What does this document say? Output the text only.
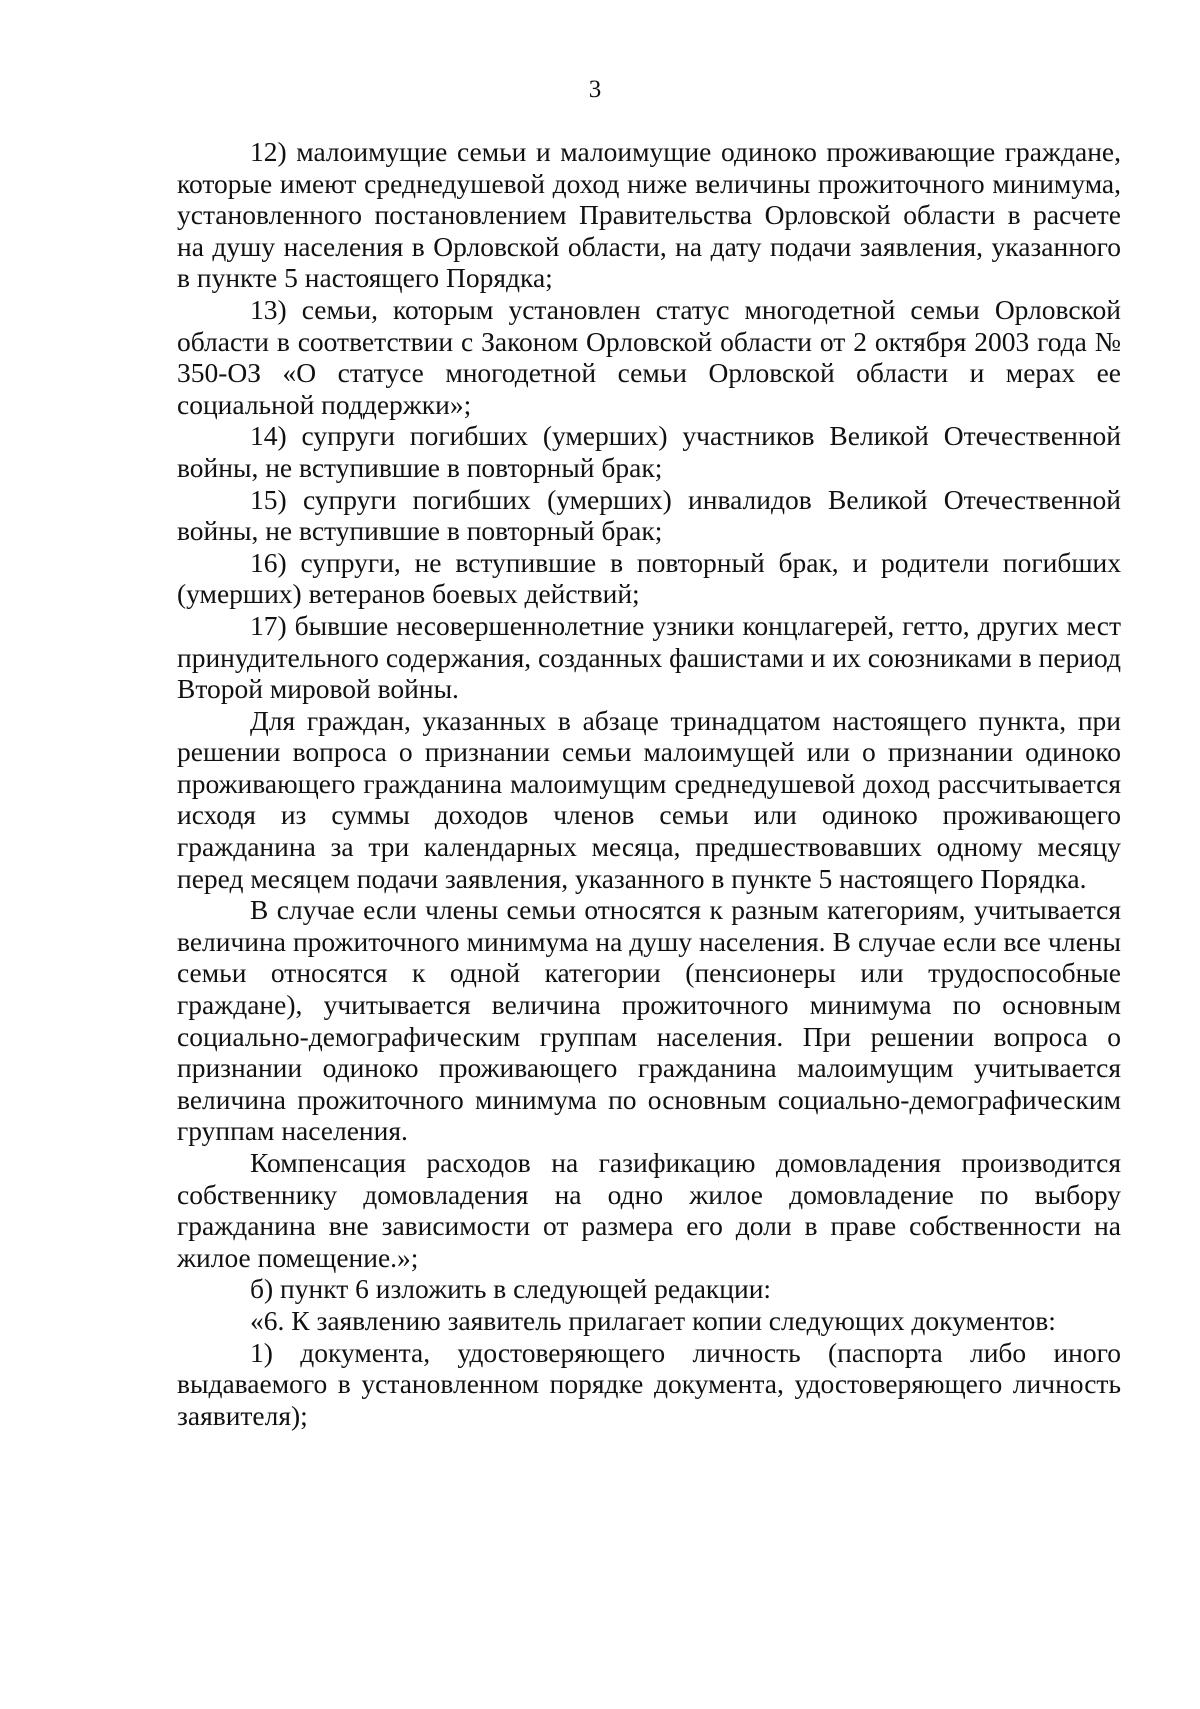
3

12) малоимущие семьи и малоимущие одиноко проживающие граждане, которые имеют среднедушевой доход ниже величины прожиточного минимума, установленного постановлением Правительства Орловской области в расчете на душу населения в Орловской области, на дату подачи заявления, указанного в пункте 5 настоящего Порядка;

13) семьи, которым установлен статус многодетной семьи Орловской области в соответствии с Законом Орловской области от 2 октября 2003 года № 350-ОЗ «О статусе многодетной семьи Орловской области и мерах ее социальной поддержки»;

14) супруги погибших (умерших) участников Великой Отечественной войны, не вступившие в повторный брак;

15) супруги погибших (умерших) инвалидов Великой Отечественной войны, не вступившие в повторный брак;

16) супруги, не вступившие в повторный брак, и родители погибших (умерших) ветеранов боевых действий;

17) бывшие несовершеннолетние узники концлагерей, гетто, других мест принудительного содержания, созданных фашистами и их союзниками в период Второй мировой войны.

Для граждан, указанных в абзаце тринадцатом настоящего пункта, при решении вопроса о признании семьи малоимущей или о признании одиноко проживающего гражданина малоимущим среднедушевой доход рассчитывается исходя из суммы доходов членов семьи или одиноко проживающего гражданина за три календарных месяца, предшествовавших одному месяцу перед месяцем подачи заявления, указанного в пункте 5 настоящего Порядка.

В случае если члены семьи относятся к разным категориям, учитывается величина прожиточного минимума на душу населения. В случае если все члены семьи относятся к одной категории (пенсионеры или трудоспособные граждане), учитывается величина прожиточного минимума по основным социально-демографическим группам населения. При решении вопроса о признании одиноко проживающего гражданина малоимущим учитывается величина прожиточного минимума по основным социально-демографическим группам населения.

Компенсация расходов на газификацию домовладения производится собственнику домовладения на одно жилое домовладение по выбору гражданина вне зависимости от размера его доли в праве собственности на жилое помещение.»;

б) пункт 6 изложить в следующей редакции:

«6. К заявлению заявитель прилагает копии следующих документов:

1) документа, удостоверяющего личность (паспорта либо иного выдаваемого в установленном порядке документа, удостоверяющего личность заявителя);
